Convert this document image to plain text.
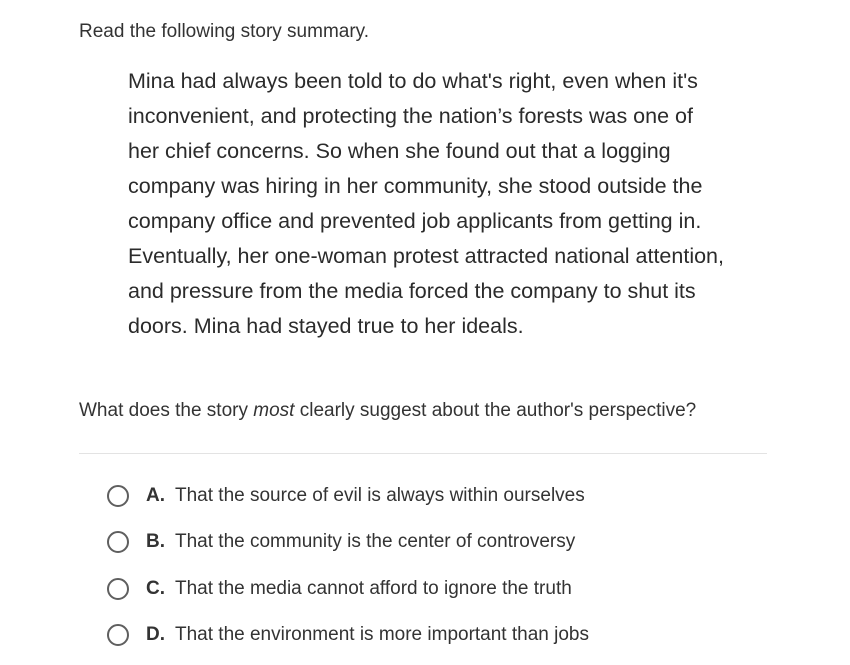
Read the following story summary.

Mina had always been told to do what's right, even when it's inconvenient, and protecting the nation’s forests was one of her chief concerns. So when she found out that a logging company was hiring in her community, she stood outside the company office and prevented job applicants from getting in. Eventually, her one-woman protest attracted national attention, and pressure from the media forced the company to shut its doors. Mina had stayed true to her ideals.

What does the story most clearly suggest about the author's perspective?
A. That the source of evil is always within ourselves
B. That the community is the center of controversy
C. That the media cannot afford to ignore the truth
D. That the environment is more important than jobs
